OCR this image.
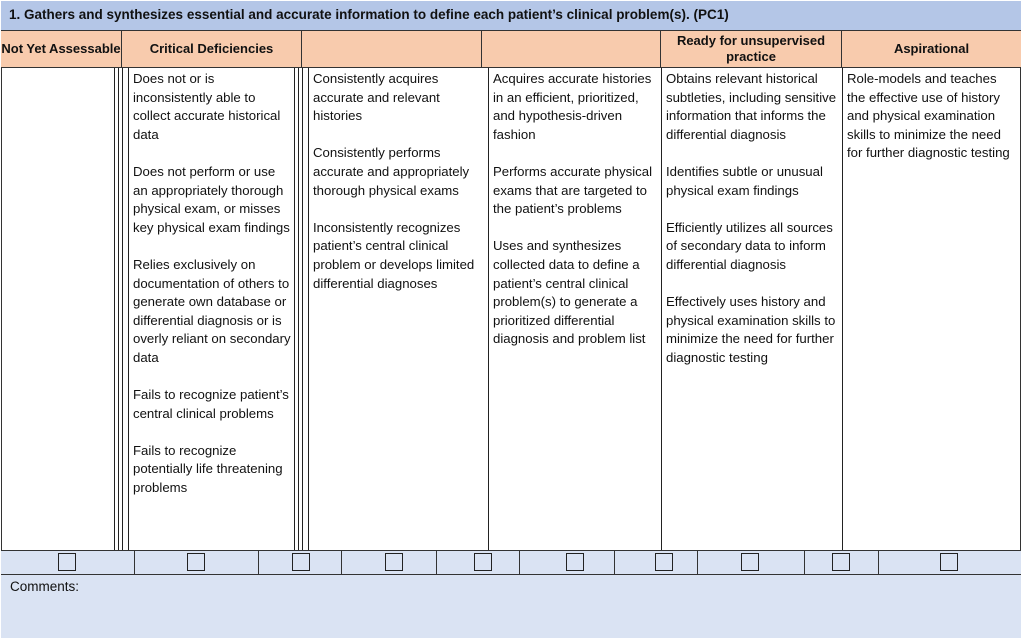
1. Gathers and synthesizes essential and accurate information to define each patient’s clinical problem(s). (PC1)
Not Yet Assessable	Critical Deficiencies
Ready for unsupervised practice
Aspirational

Does not or is inconsistently able to collect accurate historical data

Does not perform or use an appropriately thorough physical exam, or misses key physical exam findings

Relies exclusively on documentation of others to generate own database or differential diagnosis or is overly reliant on secondary data

Fails to recognize patient’s central clinical problems

Fails to recognize potentially life threatening problems

Consistently acquires accurate and relevant histories

Consistently performs accurate and appropriately thorough physical exams

Inconsistently recognizes patient’s central clinical problem or develops limited differential diagnoses

Acquires accurate histories in an efficient, prioritized, and hypothesis-driven fashion

Performs accurate physical exams that are targeted to the patient’s problems

Uses and synthesizes collected data to define a patient’s central clinical problem(s) to generate a prioritized differential diagnosis and problem list

Obtains relevant historical subtleties, including sensitive information that informs the differential diagnosis

Identifies subtle or unusual physical exam findings

Efficiently utilizes all sources of secondary data to inform differential diagnosis

Effectively uses history and physical examination skills to minimize the need for further diagnostic testing

Role-models and teaches the effective use of history and physical examination skills to minimize the need for further diagnostic testing

Comments:
